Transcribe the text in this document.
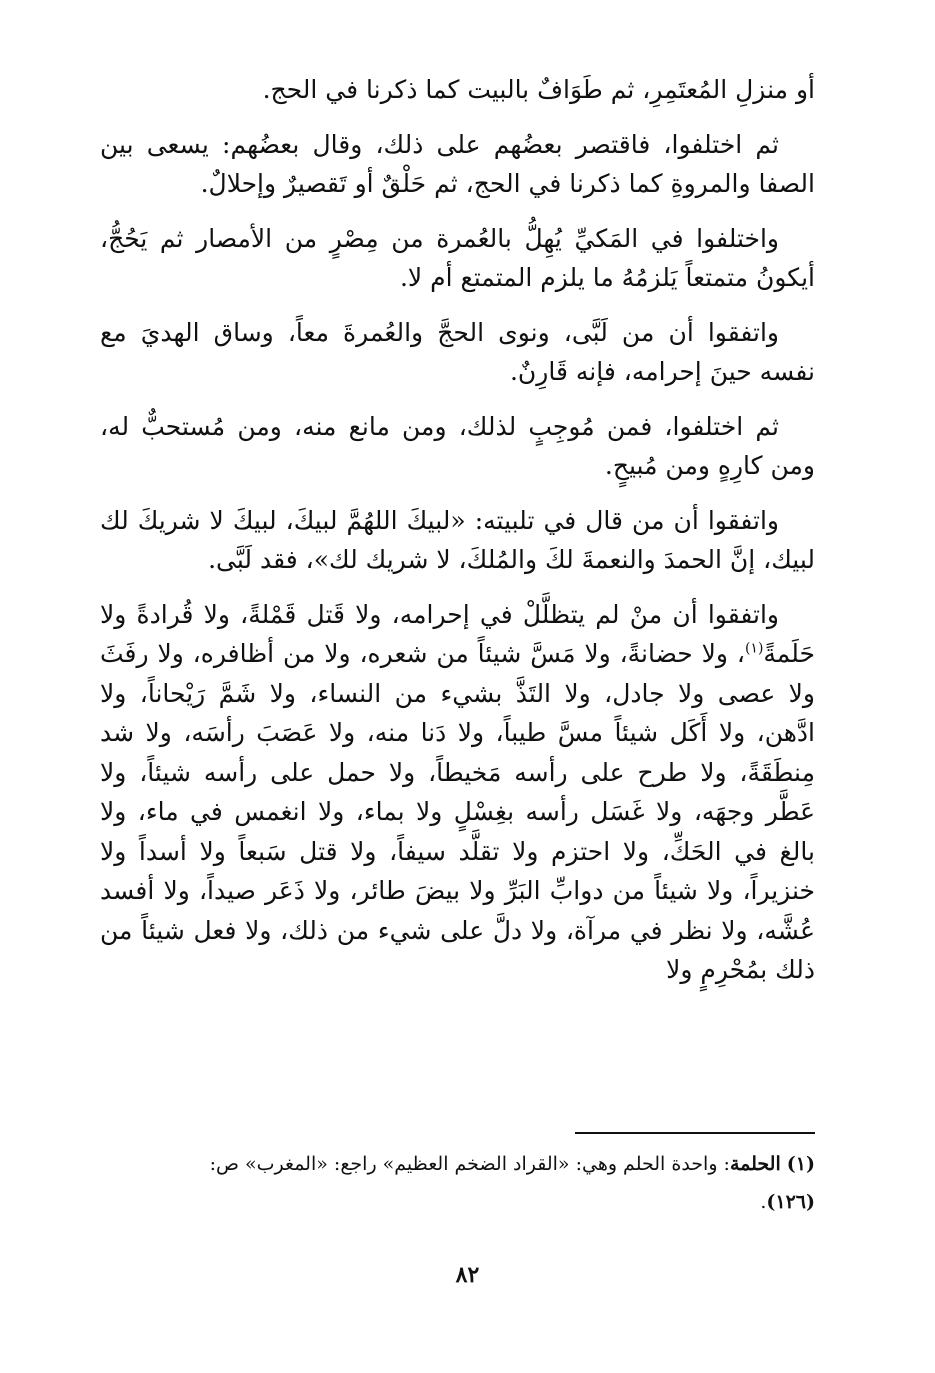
أو منزلِ المُعتَمِرِ، ثم طَوَافٌ بالبيت كما ذكرنا في الحج.

ثم اختلفوا، فاقتصر بعضُهم على ذلك، وقال بعضُهم: يسعى بين الصفا والمروةِ كما ذكرنا في الحج، ثم حَلْقٌ أو تَقصيرٌ وإحلالٌ.

واختلفوا في المَكيِّ يُهِلُّ بالعُمرة من مِصْرٍ من الأمصار ثم يَحُجُّ، أيكونُ متمتعاً يَلزمُهُ ما يلزم المتمتع أم لا.

واتفقوا أن من لَبَّى، ونوى الحجَّ والعُمرةَ معاً، وساق الهديَ مع نفسه حينَ إحرامه، فإنه قَارِنٌ.

ثم اختلفوا، فمن مُوجِبٍ لذلك، ومن مانع منه، ومن مُستحبٌّ له، ومن كارِهٍ ومن مُبيحٍ.

واتفقوا أن من قال في تلبيته: «لبيكَ اللهُمَّ لبيكَ، لبيكَ لا شريكَ لك لبيك، إنَّ الحمدَ والنعمةَ لكَ والمُلكَ، لا شريك لك»، فقد لَبَّى.

واتفقوا أن منْ لم يتظلَّلْ في إحرامه، ولا قَتل قَمْلةً، ولا قُرادةً ولا حَلَمةً$^{(١)}$، ولا حضانةً، ولا مَسَّ شيئاً من شعره، ولا من أظافره، ولا رفَثَ ولا عصى ولا جادل، ولا التَذَّ بشيء من النساء، ولا شَمَّ رَيْحاناً، ولا ادَّهن، ولا أَكَل شيئاً مسَّ طيباً، ولا دَنا منه، ولا عَصَبَ رأسَه، ولا شد مِنطَقَةً، ولا طرح على رأسه مَخيطاً، ولا حمل على رأسه شيئاً، ولا عَطَّر وجهَه، ولا غَسَل رأسه بغِسْلٍ ولا بماء، ولا انغمس في ماء، ولا بالغ في الحَكِّ، ولا احتزم ولا تقلَّد سيفاً، ولا قتل سَبعاً ولا أسداً ولا خنزيراً، ولا شيئاً من دوابِّ البَرِّ ولا بيضَ طائر، ولا ذَعَر صيداً، ولا أفسد عُشَّه، ولا نظر في مرآة، ولا دلَّ على شيء من ذلك، ولا فعل شيئاً من ذلك بمُحْرِمٍ ولا

(١) الحلمة: واحدة الحلم وهي: «القراد الضخم العظيم» راجع: «المغرب» ص:
(١٢٦).
٨٢
